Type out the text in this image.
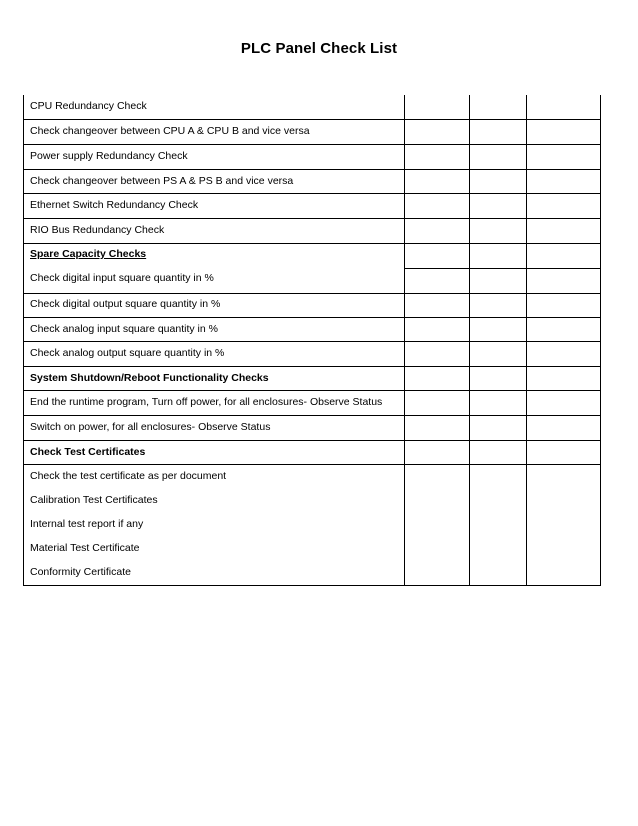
PLC Panel Check List
CPU Redundancy Check
Check changeover between CPU A & CPU B and vice versa
Power supply Redundancy Check
Check changeover between PS A & PS B and vice versa
Ethernet Switch Redundancy Check
RIO Bus Redundancy Check
Spare Capacity Checks
Check digital input square quantity in %
Check digital output square quantity in %
Check analog input square quantity in %
Check analog output square quantity in %
System Shutdown/Reboot Functionality Checks
End the runtime program, Turn off power, for all enclosures- Observe Status
Switch on power, for all enclosures- Observe Status
Check Test Certificates
Check the test certificate as per document
Calibration Test Certificates
Internal test report if any
Material Test Certificate
Conformity Certificate
